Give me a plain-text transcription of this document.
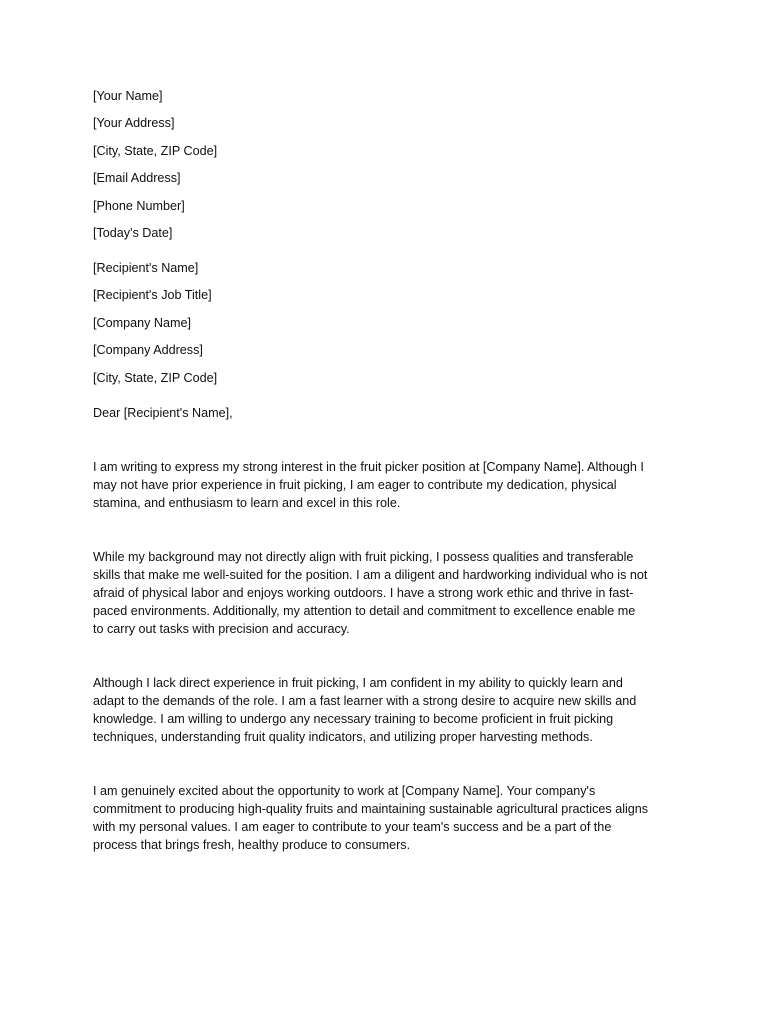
[Your Name]
[Your Address]
[City, State, ZIP Code]
[Email Address]
[Phone Number]
[Today's Date]
[Recipient's Name]
[Recipient's Job Title]
[Company Name]
[Company Address]
[City, State, ZIP Code]
Dear [Recipient's Name],
I am writing to express my strong interest in the fruit picker position at [Company Name]. Although I
may not have prior experience in fruit picking, I am eager to contribute my dedication, physical
stamina, and enthusiasm to learn and excel in this role.
While my background may not directly align with fruit picking, I possess qualities and transferable
skills that make me well-suited for the position. I am a diligent and hardworking individual who is not
afraid of physical labor and enjoys working outdoors. I have a strong work ethic and thrive in fast-
paced environments. Additionally, my attention to detail and commitment to excellence enable me
to carry out tasks with precision and accuracy.
Although I lack direct experience in fruit picking, I am confident in my ability to quickly learn and
adapt to the demands of the role. I am a fast learner with a strong desire to acquire new skills and
knowledge. I am willing to undergo any necessary training to become proficient in fruit picking
techniques, understanding fruit quality indicators, and utilizing proper harvesting methods.
I am genuinely excited about the opportunity to work at [Company Name]. Your company's
commitment to producing high-quality fruits and maintaining sustainable agricultural practices aligns
with my personal values. I am eager to contribute to your team's success and be a part of the
process that brings fresh, healthy produce to consumers.
